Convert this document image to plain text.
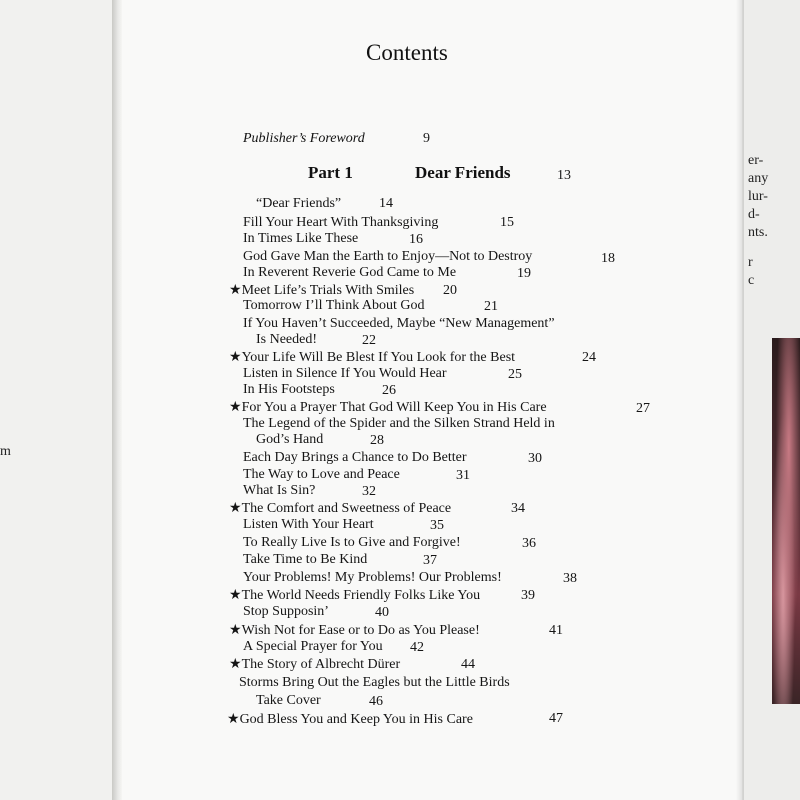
m
er-
any
lur-
d-
nts.
r
c
Contents
Publisher’s Foreword	9
Part 1	Dear Friends	13
“Dear Friends”	14
Fill Your Heart With Thanksgiving	15
In Times Like These	16
God Gave Man the Earth to Enjoy—Not to Destroy	18
In Reverent Reverie God Came to Me	19
★Meet Life’s Trials With Smiles 20
Tomorrow I’ll Think About God	21
If You Haven’t Succeeded, Maybe “New Management”
Is Needed!	22
★Your Life Will Be Blest If You Look for the Best	24
Listen in Silence If You Would Hear	25
In His Footsteps	26
★For You a Prayer That God Will Keep You in His Care	27
The Legend of the Spider and the Silken Strand Held in
God’s Hand	28
Each Day Brings a Chance to Do Better	30
The Way to Love and Peace	31
What Is Sin?	32
★The Comfort and Sweetness of Peace	34
Listen With Your Heart	35
To Really Live Is to Give and Forgive!	36
Take Time to Be Kind	37
Your Problems! My Problems! Our Problems!	38
★The World Needs Friendly Folks Like You	39
Stop Supposin’	40
★Wish Not for Ease or to Do as You Please!	41
A Special Prayer for You 42
★The Story of Albrecht Dürer	44
Storms Bring Out the Eagles but the Little Birds
Take Cover	46
★God Bless You and Keep You in His Care	47
